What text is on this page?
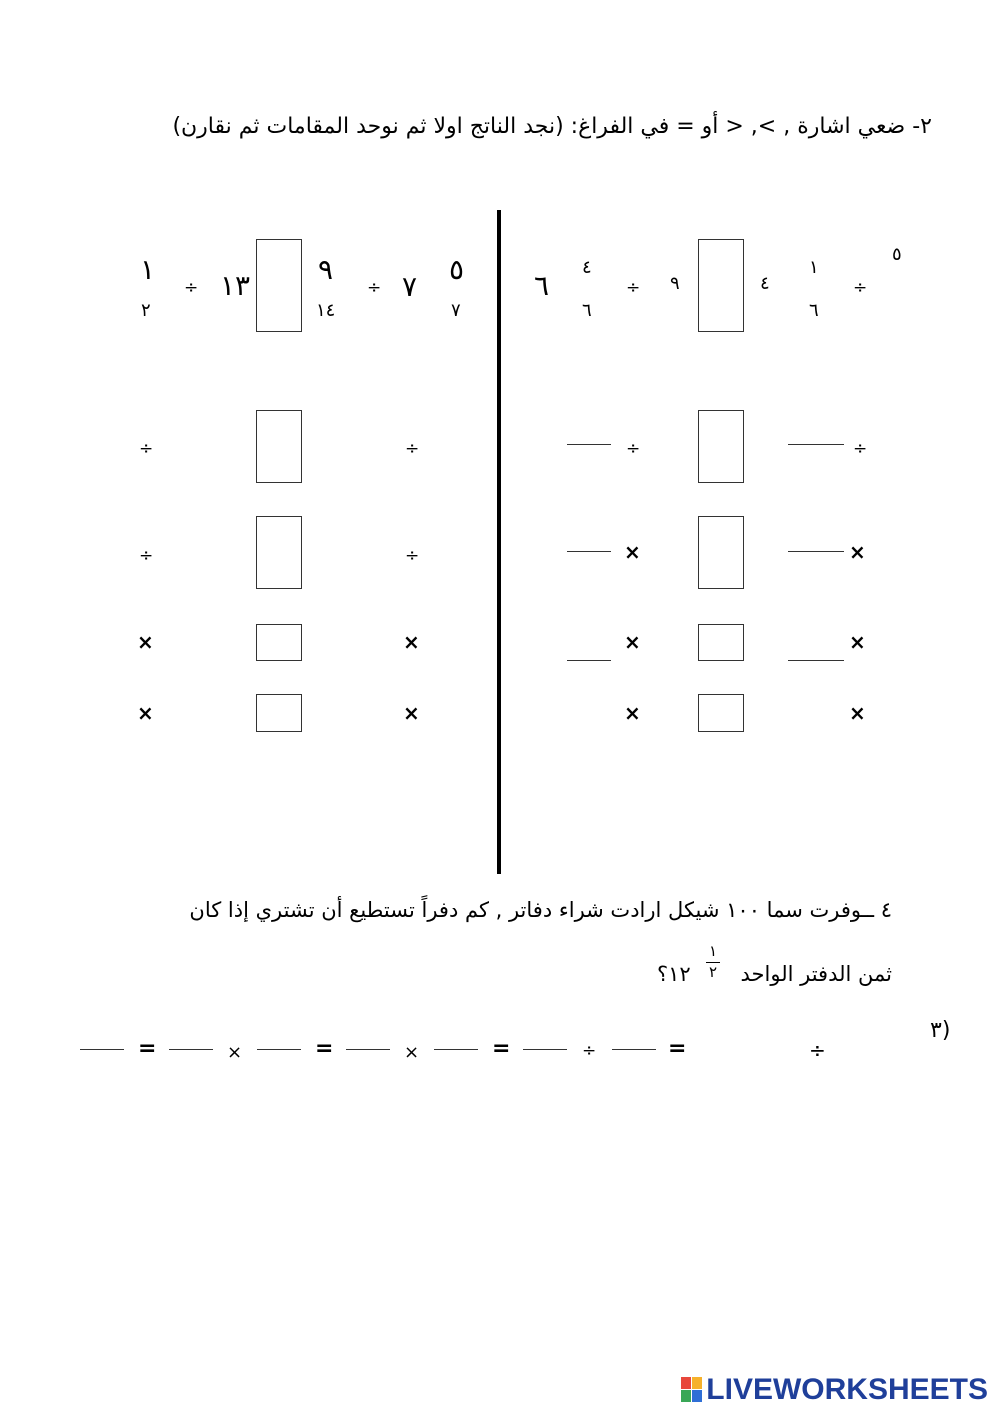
٢- ضعي اشارة , >, < أو = في الفراغ: (نجد الناتج اولا ثم نوحد المقامات ثم نقارن)
٥
÷
١
٦
٤
٩
÷
٤
٦
٦
٥
٧
٧
÷
٩
١٤
١٣
÷
١
٢
÷
÷
×
×
×
×
×
×
÷
÷
÷
÷
×
×
×
×
٤ ــوفرت سما ١٠٠ شيكل ارادت شراء دفاتر , كم دفراً تستطيع أن تشتري إذا كان
ثمن الدفتر الواحد
١
٢
١٢؟
٣)
÷
=
÷
=
×
=
×
=
LIVEWORKSHEETS
